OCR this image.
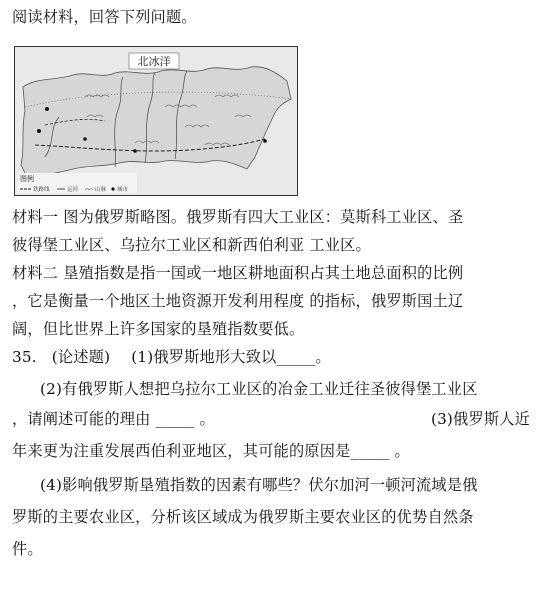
阅读材料，回答下列问题。
北冰洋
图例
铁路线	运河	山脉 城市
材料一 图为俄罗斯略图。俄罗斯有四大工业区：莫斯科工业区、圣
彼得堡工业区、乌拉尔工业区和新西伯利亚 工业区。
材料二 垦殖指数是指一国或一地区耕地面积占其土地总面积的比例
，它是衡量一个地区土地资源开发利用程度 的指标，俄罗斯国土辽
阔，但比世界上许多国家的垦殖指数要低。
35. (论述题) (1)俄罗斯地形大致以_____。
(2)有俄罗斯人想把乌拉尔工业区的冶金工业迁往圣彼得堡工业区
，请阐述可能的理由 _____ 。	(3)俄罗斯人近
年来更为注重发展西伯利亚地区，其可能的原因是_____ 。
(4)影响俄罗斯垦殖指数的因素有哪些？伏尔加河一顿河流域是俄
罗斯的主要农业区，分析该区域成为俄罗斯主要农业区的优势自然条
件。
